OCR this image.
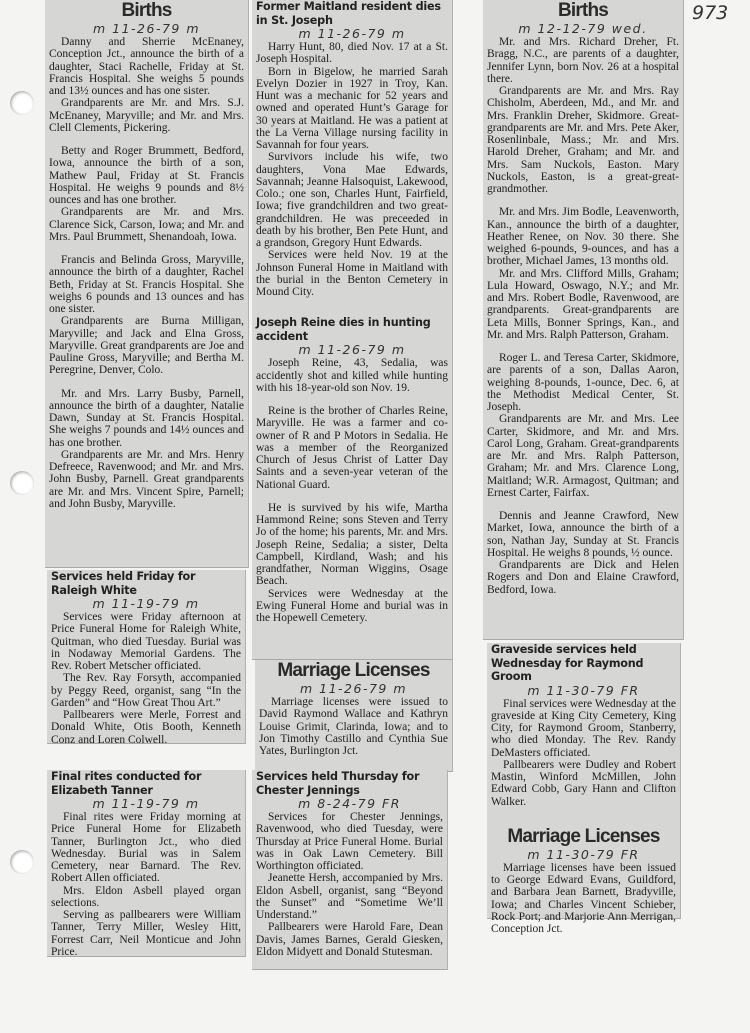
973
Births
m 11-26-79 m

Danny and Sherrie McEnaney, Conception Jct., announce the birth of a daughter, Staci Rachelle, Friday at St. Francis Hospital. She weighs 5 pounds and 13½ ounces and has one sister.

Grandparents are Mr. and Mrs. S.J. McEnaney, Maryville; and Mr. and Mrs. Clell Clements, Pickering.

Betty and Roger Brummett, Bedford, Iowa, announce the birth of a son, Mathew Paul, Friday at St. Francis Hospital. He weighs 9 pounds and 8½ ounces and has one brother.

Grandparents are Mr. and Mrs. Clarence Sick, Carson, Iowa; and Mr. and Mrs. Paul Brummett, Shenandoah, Iowa.

Francis and Belinda Gross, Maryville, announce the birth of a daughter, Rachel Beth, Friday at St. Francis Hospital. She weighs 6 pounds and 13 ounces and has one sister.

Grandparents are Burna Milligan, Maryville; and Jack and Elna Gross, Maryville. Great grandparents are Joe and Pauline Gross, Maryville; and Bertha M. Peregrine, Denver, Colo.

Mr. and Mrs. Larry Busby, Parnell, announce the birth of a daughter, Natalie Dawn, Sunday at St. Francis Hospital. She weighs 7 pounds and 14½ ounces and has one brother.

Grandparents are Mr. and Mrs. Henry Defreece, Ravenwood; and Mr. and Mrs. John Busby, Parnell. Great grandparents are Mr. and Mrs. Vincent Spire, Parnell; and John Busby, Maryville.

Services held Friday for Raleigh White
m 11-19-79 m

Services were Friday afternoon at Price Funeral Home for Raleigh White, Quitman, who died Tuesday. Burial was in Nodaway Memorial Gardens. The Rev. Robert Metscher officiated.

The Rev. Ray Forsyth, accompanied by Peggy Reed, organist, sang “In the Garden” and “How Great Thou Art.”

Pallbearers were Merle, Forrest and Donald White, Otis Booth, Kenneth Conz and Loren Colwell.

Final rites conducted for Elizabeth Tanner
m 11-19-79 m

Final rites were Friday morning at Price Funeral Home for Elizabeth Tanner, Burlington Jct., who died Wednesday. Burial was in Salem Cemetery, near Barnard. The Rev. Robert Allen officiated.

Mrs. Eldon Asbell played organ selections.

Serving as pallbearers were William Tanner, Terry Miller, Wesley Hitt, Forrest Carr, Neil Monticue and John Price.

Former Maitland resident dies in St. Joseph
m 11-26-79 m

Harry Hunt, 80, died Nov. 17 at a St. Joseph Hospital.

Born in Bigelow, he married Sarah Evelyn Dozier in 1927 in Troy, Kan. Hunt was a mechanic for 52 years and owned and operated Hunt’s Garage for 30 years at Maitland. He was a patient at the La Verna Village nursing facility in Savannah for four years.

Survivors include his wife, two daughters, Vona Mae Edwards, Savannah; Jeanne Halsoquist, Lakewood, Colo.; one son, Charles Hunt, Fairfield, Iowa; five grandchildren and two great-grandchildren. He was preceeded in death by his brother, Ben Pete Hunt, and a grandson, Gregory Hunt Edwards.

Services were held Nov. 19 at the Johnson Funeral Home in Maitland with the burial in the Benton Cemetery in Mound City.

Joseph Reine dies in hunting accident
m 11-26-79 m

Joseph Reine, 43, Sedalia, was accidently shot and killed while hunting with his 18-year-old son Nov. 19.

Reine is the brother of Charles Reine, Maryville. He was a farmer and co-owner of R and P Motors in Sedalia. He was a member of the Reorganized Church of Jesus Christ of Latter Day Saints and a seven-year veteran of the National Guard.

He is survived by his wife, Martha Hammond Reine; sons Steven and Terry Jo of the home; his parents, Mr. and Mrs. Joseph Reine, Sedalia; a sister, Delta Campbell, Kirdland, Wash; and his grandfather, Norman Wiggins, Osage Beach.

Services were Wednesday at the Ewing Funeral Home and burial was in the Hopewell Cemetery.

Marriage Licenses
m 11-26-79 m

Marriage licenses were issued to David Raymond Wallace and Kathryn Louise Grimit, Clarinda, Iowa; and to Jon Timothy Castillo and Cynthia Sue Yates, Burlington Jct.

Services held Thursday for Chester Jennings
m 8-24-79 FR

Services for Chester Jennings, Ravenwood, who died Tuesday, were Thursday at Price Funeral Home. Burial was in Oak Lawn Cemetery. Bill Worthington officiated.

Jeanette Hersh, accompanied by Mrs. Eldon Asbell, organist, sang “Beyond the Sunset” and “Sometime We’ll Understand.”

Pallbearers were Harold Fare, Dean Davis, James Barnes, Gerald Giesken, Eldon Midyett and Donald Stutesman.

Births
m 12-12-79 wed.

Mr. and Mrs. Richard Dreher, Ft. Bragg, N.C., are parents of a daughter, Jennifer Lynn, born Nov. 26 at a hospital there.

Grandparents are Mr. and Mrs. Ray Chisholm, Aberdeen, Md., and Mr. and Mrs. Franklin Dreher, Skidmore. Great-grandparents are Mr. and Mrs. Pete Aker, Rosenlinbale, Mass.; Mr. and Mrs. Harold Dreher, Graham; and Mr. and Mrs. Sam Nuckols, Easton. Mary Nuckols, Easton, is a great-great-grandmother.

Mr. and Mrs. Jim Bodle, Leavenworth, Kan., announce the birth of a daughter, Heather Renee, on Nov. 30 there. She weighed 6-pounds, 9-ounces, and has a brother, Michael James, 13 months old.

Mr. and Mrs. Clifford Mills, Graham; Lula Howard, Oswago, N.Y.; and Mr. and Mrs. Robert Bodle, Ravenwood, are grandparents. Great-grandparents are Leta Mills, Bonner Springs, Kan., and Mr. and Mrs. Ralph Patterson, Graham.

Roger L. and Teresa Carter, Skidmore, are parents of a son, Dallas Aaron, weighing 8-pounds, 1-ounce, Dec. 6, at the Methodist Medical Center, St. Joseph.

Grandparents are Mr. and Mrs. Lee Carter, Skidmore, and Mr. and Mrs. Carol Long, Graham. Great-grandparents are Mr. and Mrs. Ralph Patterson, Graham; Mr. and Mrs. Clarence Long, Maitland; W.R. Armagost, Quitman; and Ernest Carter, Fairfax.

Dennis and Jeanne Crawford, New Market, Iowa, announce the birth of a son, Nathan Jay, Sunday at St. Francis Hospital. He weighs 8 pounds, ½ ounce.

Grandparents are Dick and Helen Rogers and Don and Elaine Crawford, Bedford, Iowa.

Graveside services held Wednesday for Raymond Groom
m 11-30-79 FR

Final services were Wednesday at the graveside at King City Cemetery, King City, for Raymond Groom, Stanberry, who died Monday. The Rev. Randy DeMasters officiated.

Pallbearers were Dudley and Robert Mastin, Winford McMillen, John Edward Cobb, Gary Hann and Clifton Walker.

Marriage Licenses
m 11-30-79 FR

Marriage licenses have been issued to George Edward Evans, Guildford, and Barbara Jean Barnett, Bradyville, Iowa; and Charles Vincent Schieber, Rock Port; and Marjorie Ann Merrigan, Conception Jct.
